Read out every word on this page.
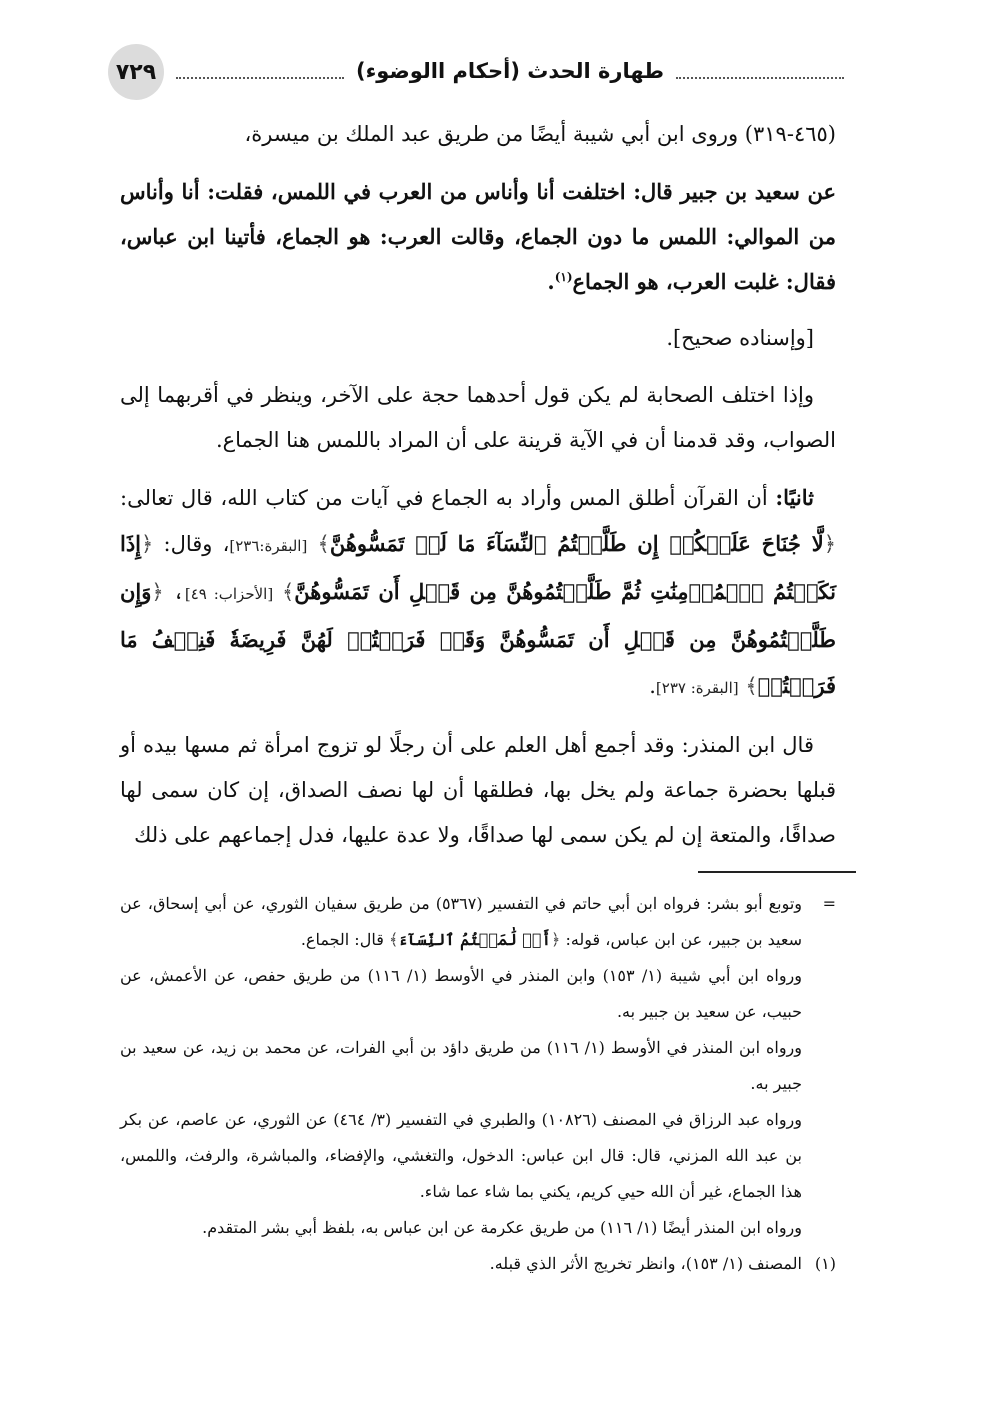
٧٢٩	طهارة الحدث (أحكام االوضوء)

(٤٦٥-٣١٩) وروى ابن أبي شيبة أيضًا من طريق عبد الملك بن ميسرة،

عن سعيد بن جبير قال: اختلفت أنا وأناس من العرب في اللمس، فقلت: أنا وأناس من الموالي: اللمس ما دون الجماع، وقالت العرب: هو الجماع، فأتينا ابن عباس، فقال: غلبت العرب، هو الجماع$^{(١)}$.

[وإسناده صحيح].

وإذا اختلف الصحابة لم يكن قول أحدهما حجة على الآخر، وينظر في أقربهما إلى الصواب، وقد قدمنا أن في الآية قرينة على أن المراد باللمس هنا الجماع.

ثانيًا: أن القرآن أطلق المس وأراد به الجماع في آيات من كتاب الله، قال تعالى: ﴿لَّا جُنَاحَ عَلَيۡكُمۡ إِن طَلَّقۡتُمُ ٱلنِّسَآءَ مَا لَمۡ تَمَسُّوهُنَّ﴾ [البقرة:٢٣٦]، وقال: ﴿إِذَا نَكَحۡتُمُ ٱلۡمُؤۡمِنَٰتِ ثُمَّ طَلَّقۡتُمُوهُنَّ مِن قَبۡلِ أَن تَمَسُّوهُنَّ﴾ [الأحزاب: ٤٩]، ﴿وَإِن طَلَّقۡتُمُوهُنَّ مِن قَبۡلِ أَن تَمَسُّوهُنَّ وَقَدۡ فَرَضۡتُمۡ لَهُنَّ فَرِيضَةٗ فَنِصۡفُ مَا فَرَضۡتُمۡ﴾ [البقرة: ٢٣٧].

قال ابن المنذر: وقد أجمع أهل العلم على أن رجلًا لو تزوج امرأة ثم مسها بيده أو قبلها بحضرة جماعة ولم يخل بها، فطلقها أن لها نصف الصداق، إن كان سمى لها صداقًا، والمتعة إن لم يكن سمى لها صداقًا، ولا عدة عليها، فدل إجماعهم على ذلك

=
وتوبع أبو بشر: فرواه ابن أبي حاتم في التفسير (٥٣٦٧) من طريق سفيان الثوري، عن أبي إسحاق، عن سعيد بن جبير، عن ابن عباس، قوله: ﴿أَوۡ لَٰمَسۡتُمُ ٱلنِّسَآءَ﴾ قال: الجماع.

ورواه ابن أبي شيبة (١/ ١٥٣) وابن المنذر في الأوسط (١/ ١١٦) من طريق حفص، عن الأعمش، عن حبيب، عن سعيد بن جبير به.

ورواه ابن المنذر في الأوسط (١/ ١١٦) من طريق داؤد بن أبي الفرات، عن محمد بن زيد، عن سعيد بن جبير به.

ورواه عبد الرزاق في المصنف (١٠٨٢٦) والطبري في التفسير (٣/ ٤٦٤) عن الثوري، عن عاصم، عن بكر بن عبد الله المزني، قال: قال ابن عباس: الدخول، والتغشي، والإفضاء، والمباشرة، والرفث، واللمس، هذا الجماع، غير أن الله حيي كريم، يكني بما شاء عما شاء.

ورواه ابن المنذر أيضًا (١/ ١١٦) من طريق عكرمة عن ابن عباس به، بلفظ أبي بشر المتقدم.

(١)
المصنف (١/ ١٥٣)، وانظر تخريج الأثر الذي قبله.
